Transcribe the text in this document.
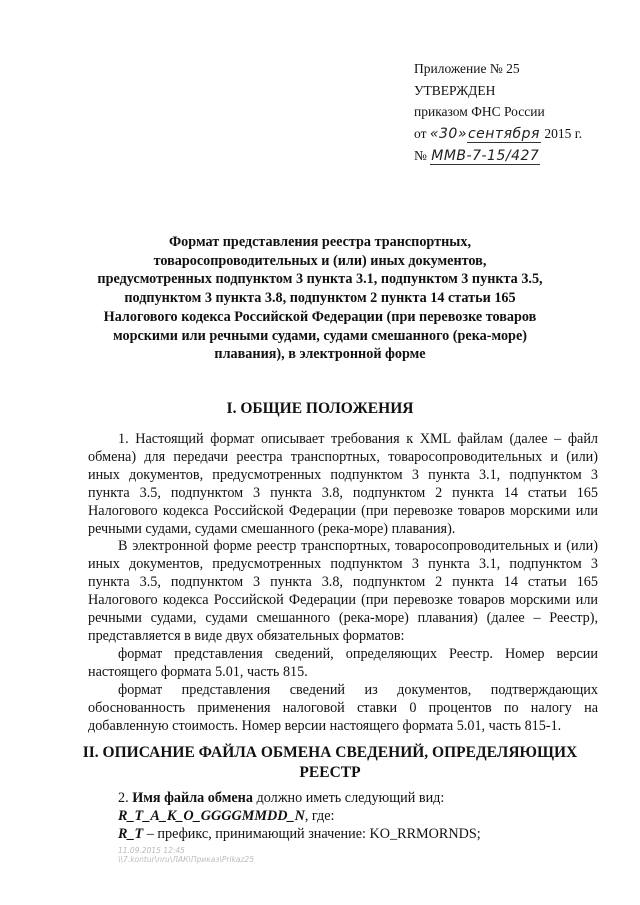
Приложение № 25
УТВЕРЖДЕН
приказом ФНС России
от «30»сентября 2015 г.
№ ММВ-7-15/427
Формат представления реестра транспортных, товаросопроводительных и (или) иных документов, предусмотренных подпунктом 3 пункта 3.1, подпунктом 3 пункта 3.5, подпунктом 3 пункта 3.8, подпунктом 2 пункта 14 статьи 165 Налогового кодекса Российской Федерации (при перевозке товаров морскими или речными судами, судами смешанного (река-море) плавания), в электронной форме
I. ОБЩИЕ ПОЛОЖЕНИЯ

1. Настоящий формат описывает требования к XML файлам (далее – файл обмена) для передачи реестра транспортных, товаросопроводительных и (или) иных документов, предусмотренных подпунктом 3 пункта 3.1, подпунктом 3 пункта 3.5, подпунктом 3 пункта 3.8, подпунктом 2 пункта 14 статьи 165 Налогового кодекса Российской Федерации (при перевозке товаров морскими или речными судами, судами смешанного (река-море) плавания).

В электронной форме реестр транспортных, товаросопроводительных и (или) иных документов, предусмотренных подпунктом 3 пункта 3.1, подпунктом 3 пункта 3.5, подпунктом 3 пункта 3.8, подпунктом 2 пункта 14 статьи 165 Налогового кодекса Российской Федерации (при перевозке товаров морскими или речными судами, судами смешанного (река-море) плавания) (далее – Реестр), представляется в виде двух обязательных форматов:

формат представления сведений, определяющих Реестр. Номер версии настоящего формата 5.01, часть 815.

формат представления сведений из документов, подтверждающих обоснованность применения налоговой ставки 0 процентов по налогу на добавленную стоимость. Номер версии настоящего формата 5.01, часть 815-1.

II. ОПИСАНИЕ ФАЙЛА ОБМЕНА СВЕДЕНИЙ, ОПРЕДЕЛЯЮЩИХ РЕЕСТР

2. Имя файла обмена должно иметь следующий вид:

R_T_A_K_O_GGGGMMDD_N, где:

R_T – префикс, принимающий значение: KO_RRMORNDS;

11.09.2015 12:45
\\7.kontur\nru\ЛАК\Приказ\Prikaz25
